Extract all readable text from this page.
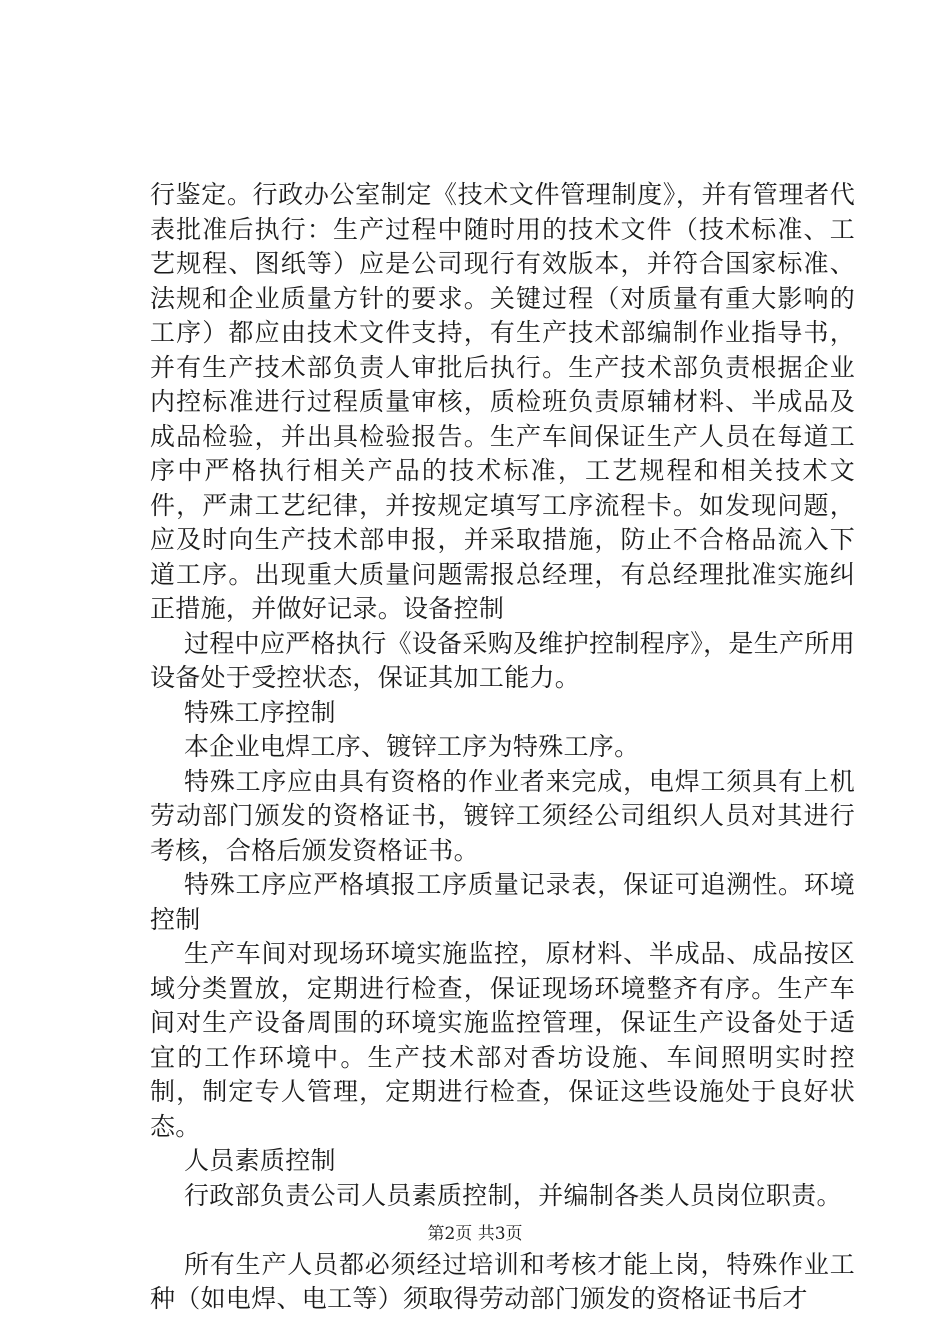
行鉴定。行政办公室制定《技术文件管理制度》，并有管理者代表批准后执行：生产过程中随时用的技术文件（技术标准、工艺规程、图纸等）应是公司现行有效版本，并符合国家标准、法规和企业质量方针的要求。关键过程（对质量有重大影响的工序）都应由技术文件支持，有生产技术部编制作业指导书，并有生产技术部负责人审批后执行。生产技术部负责根据企业内控标准进行过程质量审核，质检班负责原辅材料、半成品及成品检验，并出具检验报告。生产车间保证生产人员在每道工序中严格执行相关产品的技术标准，工艺规程和相关技术文件，严肃工艺纪律，并按规定填写工序流程卡。如发现问题，应及时向生产技术部申报，并采取措施，防止不合格品流入下道工序。出现重大质量问题需报总经理，有总经理批准实施纠正措施，并做好记录。设备控制

过程中应严格执行《设备采购及维护控制程序》，是生产所用设备处于受控状态，保证其加工能力。

特殊工序控制

本企业电焊工序、镀锌工序为特殊工序。

特殊工序应由具有资格的作业者来完成，电焊工须具有上机劳动部门颁发的资格证书，镀锌工须经公司组织人员对其进行考核，合格后颁发资格证书。

特殊工序应严格填报工序质量记录表，保证可追溯性。环境控制

生产车间对现场环境实施监控，原材料、半成品、成品按区域分类置放，定期进行检查，保证现场环境整齐有序。生产车间对生产设备周围的环境实施监控管理，保证生产设备处于适宜的工作环境中。生产技术部对香坊设施、车间照明实时控制，制定专人管理，定期进行检查，保证这些设施处于良好状态。

人员素质控制

行政部负责公司人员素质控制，并编制各类人员岗位职责。

所有生产人员都必须经过培训和考核才能上岗，特殊作业工种（如电焊、电工等）须取得劳动部门颁发的资格证书后才

第2页 共3页
